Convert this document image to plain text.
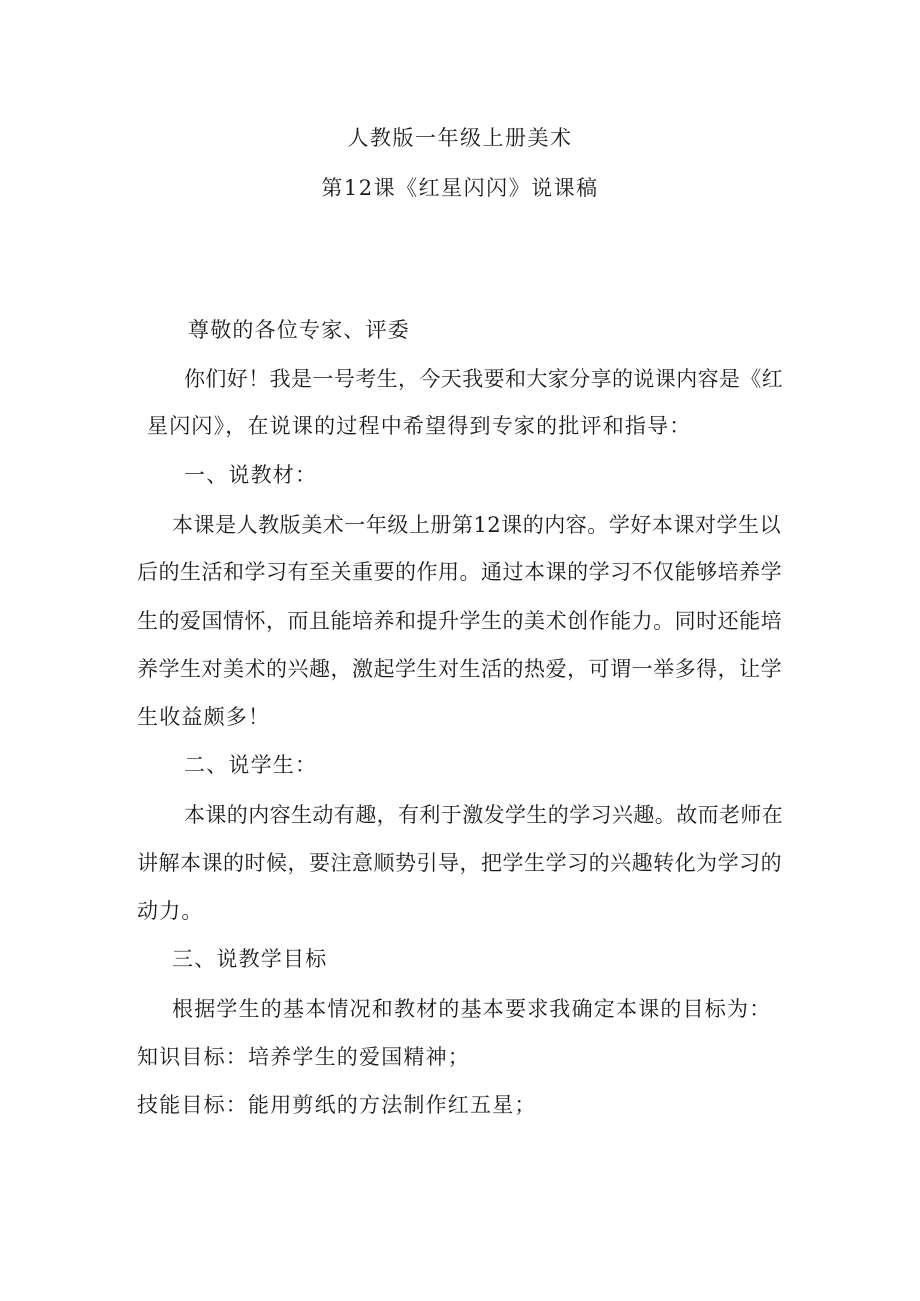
人教版一年级上册美术
第12课《红星闪闪》说课稿
尊敬的各位专家、评委
你们好！我是一号考生，今天我要和大家分享的说课内容是《红
星闪闪》，在说课的过程中希望得到专家的批评和指导：
一、说教材：
本课是人教版美术一年级上册第12课的内容。学好本课对学生以
后的生活和学习有至关重要的作用。通过本课的学习不仅能够培养学
生的爱国情怀，而且能培养和提升学生的美术创作能力。同时还能培
养学生对美术的兴趣，激起学生对生活的热爱，可谓一举多得，让学
生收益颇多！
二、说学生：
本课的内容生动有趣，有利于激发学生的学习兴趣。故而老师在
讲解本课的时候，要注意顺势引导，把学生学习的兴趣转化为学习的
动力。
三、说教学目标
根据学生的基本情况和教材的基本要求我确定本课的目标为：
知识目标：培养学生的爱国精神；
技能目标：能用剪纸的方法制作红五星；
